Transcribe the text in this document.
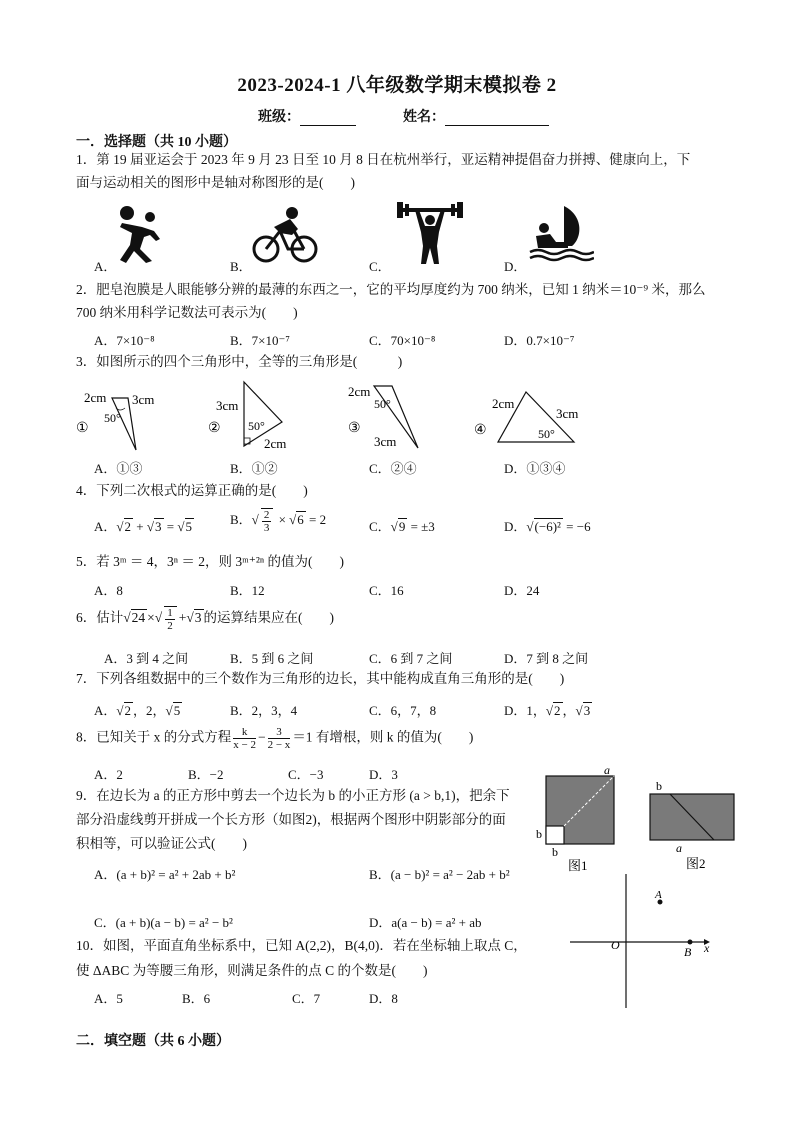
2023-2024-1 八年级数学期末模拟卷 2
班级：	姓名：
一．选择题（共 10 小题）
1．第 19 届亚运会于 2023 年 9 月 23 日至 10 月 8 日在杭州举行，亚运精神提倡奋力拼搏、健康向上，下
面与运动相关的图形中是轴对称图形的是(　　)
A．	B．	C．	D．
2．肥皂泡膜是人眼能够分辨的最薄的东西之一，它的平均厚度约为 700 纳米，已知 1 纳米＝10⁻⁹ 米，那么
700 纳米用科学记数法可表示为(　　)
A．7×10⁻⁸	B．7×10⁻⁷	C．70×10⁻⁸	D．0.7×10⁻⁷
3．如图所示的四个三角形中，全等的三角形是(　　　)
①
2cm 3cm
50°
②
3cm
2cm
50°	③
2cm
50°
3cm
④
2cm
3cm
50°
A．①③	B．①②	C．②④	D．①③④
4．下列二次根式的运算正确的是(　　)
A．√2 + √3 = √5	B．√ $\frac{2}{3} \times √6 = 2$	C．√9 = ±3	D．√(−6)² = −6
5．若 3ᵐ ＝ 4，3ⁿ ＝ 2，则 3ᵐ⁺²ⁿ 的值为(　　)
A．8	B．12	C．16	D．24
6．估计√24 ×√ $\frac{1}{2} +√3$ 的运算结果应在(　　)
A．3 到 4 之间	B．5 到 6 之间	C．6 到 7 之间	D．7 到 8 之间
7．下列各组数据中的三个数作为三角形的边长，其中能构成直角三角形的是(　　)
A．√2 ，2，√5	B．2，3，4	C．6，7，8	D．1，√2 ，√3
8．已知关于 x 的分式方程 $\frac{k}{x - 2} - \frac{3}{2 - x} =1$ 有增根，则 k 的值为(　　)
A．2	B．−2	C．−3	D．3
9．在边长为 a 的正方形中剪去一个边长为 b 的小正方形 (a > b,1)，把余下
部分沿虚线剪开拼成一个长方形（如图2)，根据两个图形中阴影部分的面
积相等，可以验证公式(　　)
A．(a + b)² = a² + 2ab + b²	B．(a − b)² = a² − 2ab + b²
C．(a + b)(a − b) = a² − b²	D．a(a − b) = a² + ab
a
b
b
图1
b
a
图2
10．如图，平面直角坐标系中，已知 A(2,2)，B(4,0)．若在坐标轴上取点 C，
使 ΔABC 为等腰三角形，则满足条件的点 C 的个数是(　　)
A．5	B．6	C．7	D．8
O	x
A
B
二．填空题（共 6 小题）
